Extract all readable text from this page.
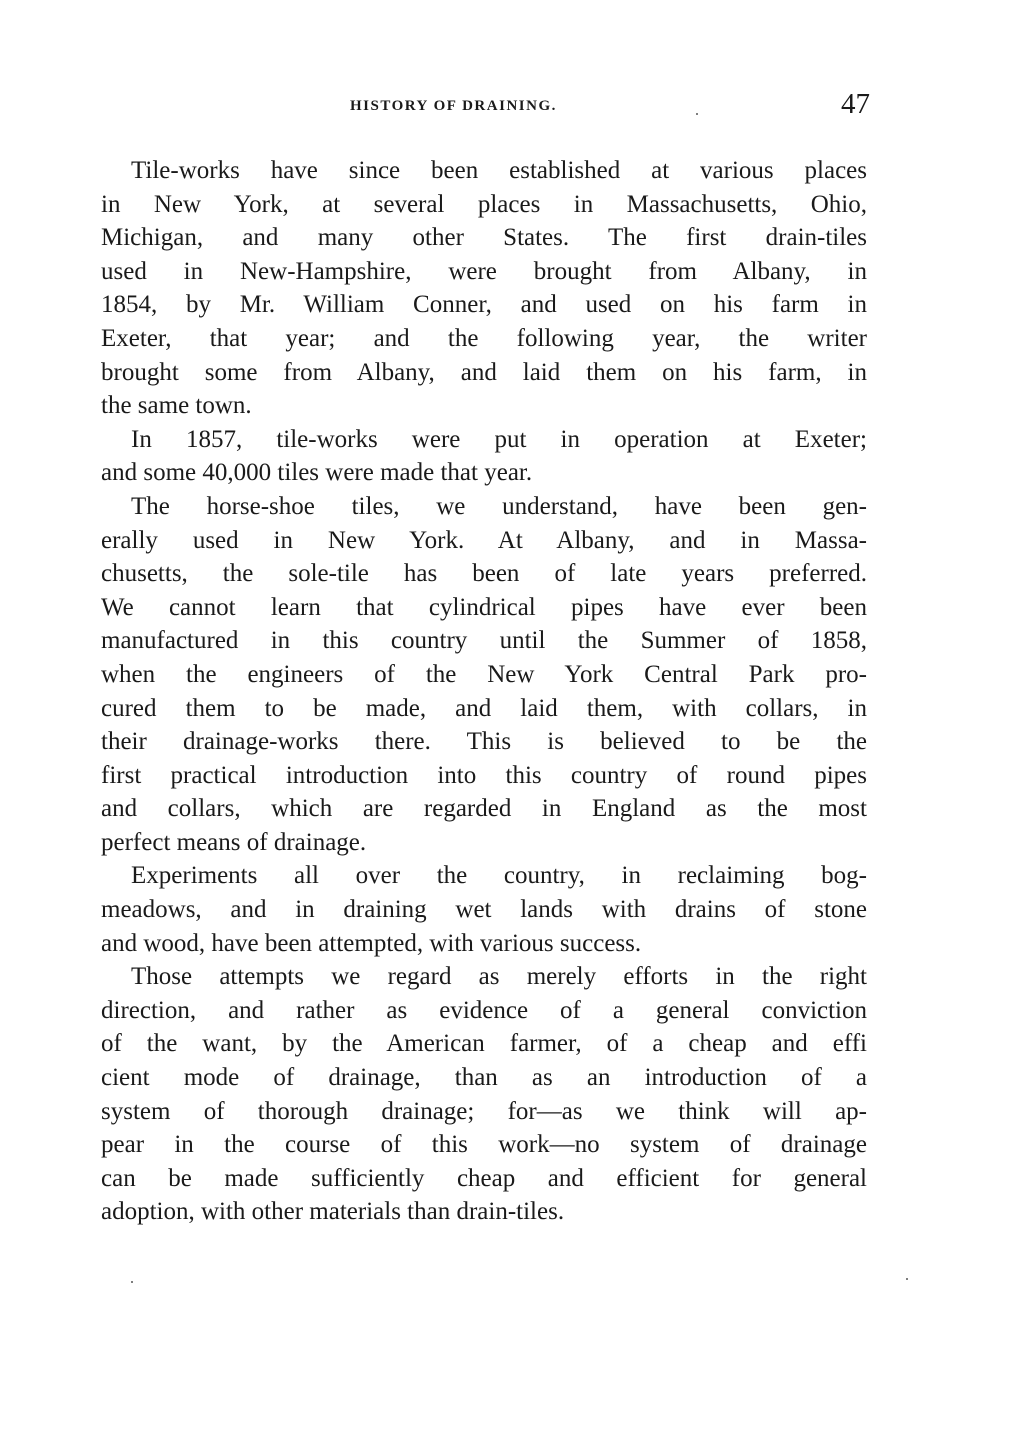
HISTORY OF DRAINING.	47
Tile-works have since been established at various places
in New York, at several places in Massachusetts, Ohio,
Michigan, and many other States. The first drain-tiles
used in New-Hampshire, were brought from Albany, in
1854, by Mr. William Conner, and used on his farm in
Exeter, that year; and the following year, the writer
brought some from Albany, and laid them on his farm, in
the same town.
In 1857, tile-works were put in operation at Exeter;
and some 40,000 tiles were made that year.
The horse-shoe tiles, we understand, have been gen-
erally used in New York. At Albany, and in Massa-
chusetts, the sole-tile has been of late years preferred.
We cannot learn that cylindrical pipes have ever been
manufactured in this country until the Summer of 1858,
when the engineers of the New York Central Park pro-
cured them to be made, and laid them, with collars, in
their drainage-works there. This is believed to be the
first practical introduction into this country of round pipes
and collars, which are regarded in England as the most
perfect means of drainage.
Experiments all over the country, in reclaiming bog-
meadows, and in draining wet lands with drains of stone
and wood, have been attempted, with various success.
Those attempts we regard as merely efforts in the right
direction, and rather as evidence of a general conviction
of the want, by the American farmer, of a cheap and effi
cient mode of drainage, than as an introduction of a
system of thorough drainage; for—as we think will ap-
pear in the course of this work—no system of drainage
can be made sufficiently cheap and efficient for general
adoption, with other materials than drain-tiles.
